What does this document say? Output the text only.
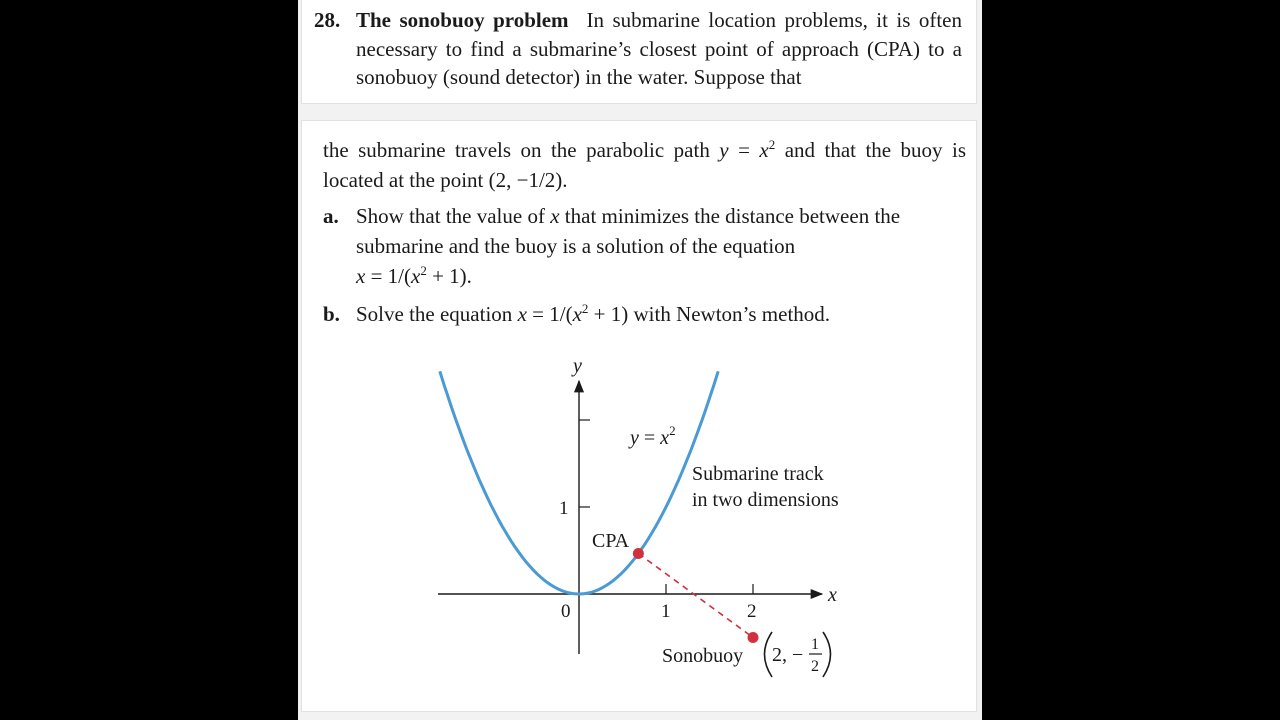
28. The sonobuoy problem In submarine location problems, it is often necessary to find a submarine’s closest point of approach (CPA) to a sonobuoy (sound detector) in the water. Suppose that

the submarine travels on the parabolic path $y = x^2$ and that the buoy is located at the point (2, −1/2).

a. Show that the value of x that minimizes the distance between the submarine and the buoy is a solution of the equation
$x = 1/(x^2 + 1)$.

b. Solve the equation $x = 1/(x^2 + 1)$ with Newton’s method.

y
x
0	1	2
1
$y = x^2$
Submarine track
in two dimensions
CPA
Sonobuoy 2, − 1
2
